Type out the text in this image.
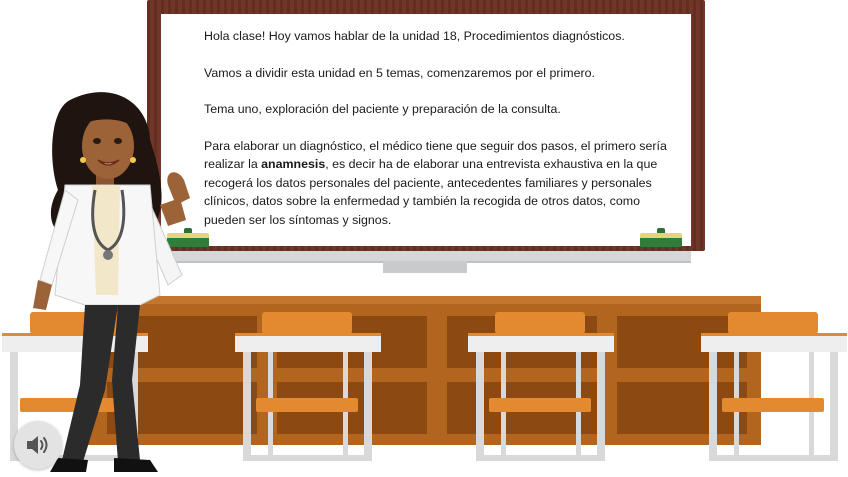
Hola clase! Hoy vamos hablar de la unidad 18, Procedimientos diagnósticos.

Vamos a dividir esta unidad en 5 temas, comenzaremos por el primero.

Tema uno, exploración del paciente y preparación de la consulta.

Para elaborar un diagnóstico, el médico tiene que seguir dos pasos, el primero sería realizar la anamnesis, es decir ha de elaborar una entrevista exhaustiva en la que recogerá los datos personales del paciente, antecedentes familiares y personales clínicos, datos sobre la enfermedad y también la recogida de otros datos, como pueden ser los síntomas y signos.
